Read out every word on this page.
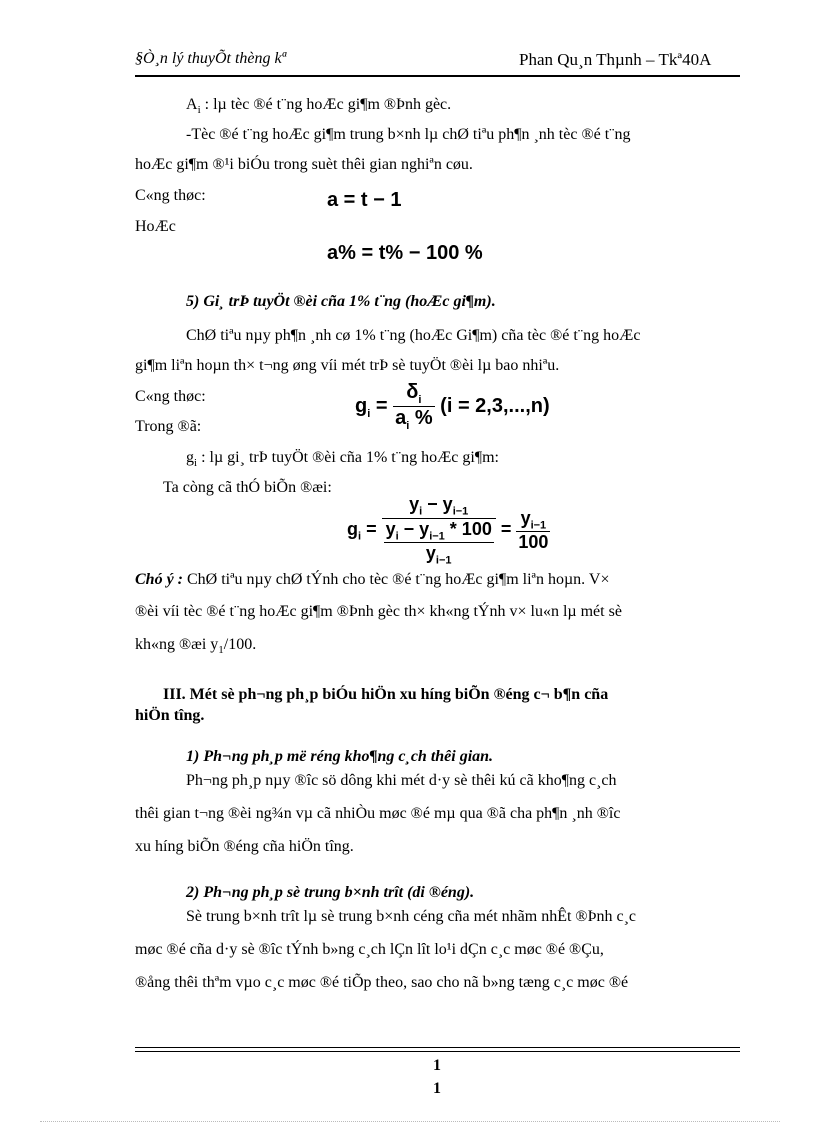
§Ò¸n lý thuyÕt thèng kª	Phan Qu¸n Thµnh – Tkª40A
$A_i$ : lµ tèc ®é t¨ng hoÆc gi¶m ®Þnh gèc.
-Tèc ®é t¨ng hoÆc gi¶m trung b×nh lµ chØ tiªu ph¶n ¸nh tèc ®é t¨ng
hoÆc gi¶m ®¹i biÓu trong suèt thêi gian nghiªn cøu.
C«ng thøc:	a = t − 1
HoÆc
a% = t% − 100 %
5) Gi¸ trÞ tuyÖt ®èi cña 1% t¨ng (hoÆc gi¶m).
ChØ tiªu nµy ph¶n ¸nh cø 1% t¨ng (hoÆc Gi¶m) cña tèc ®é t¨ng hoÆc
gi¶m liªn hoµn th× t¬ng øng víi mét trÞ sè tuyÖt ®èi lµ bao nhiªu.
C«ng thøc:
Trong ®ã:
$g_i = \frac{\delta_i}{a_i \%} (i = 2,3,...,n)$
$g_i$ : lµ gi¸ trÞ tuyÖt ®èi cña 1% t¨ng hoÆc gi¶m:
Ta còng cã thÓ biÕn ®æi:
$g_i = \frac{y_i - y_{i-1}}{\frac{y_i - y_{i-1} * 100}{y_{i-1}}} = \frac{y_{i-1}}{100}$
Chó ý : ChØ tiªu nµy chØ tÝnh cho tèc ®é t¨ng hoÆc gi¶m liªn hoµn. V×
®èi víi tèc ®é t¨ng hoÆc gi¶m ®Þnh gèc th× kh«ng tÝnh v× lu«n lµ mét sè
kh«ng ®æi $y_1/100$.
III. Mét sè ph¬ng ph¸p biÓu hiÖn xu híng biÕn ®éng c¬ b¶n cña
hiÖn tîng.
1) Ph¬ng ph¸p më réng kho¶ng c¸ch thêi gian.
Ph¬ng ph¸p nµy ®îc sö dông khi mét d·y sè thêi kú cã kho¶ng c¸ch
thêi gian t¬ng ®èi ng¾n vµ cã nhiÒu møc ®é mµ qua ®ã cha ph¶n ¸nh ®îc
xu híng biÕn ®éng cña hiÖn tîng.
2) Ph¬ng ph¸p sè trung b×nh trît (di ®éng).
Sè trung b×nh trît lµ sè trung b×nh céng cña mét nhãm nhÊt ®Þnh c¸c
møc ®é cña d·y sè ®îc tÝnh b»ng c¸ch lÇn lît lo¹i dÇn c¸c møc ®é ®Çu,
®ång thêi thªm vµo c¸c møc ®é tiÕp theo, sao cho nã b»ng tæng c¸c møc ®é
1
1
